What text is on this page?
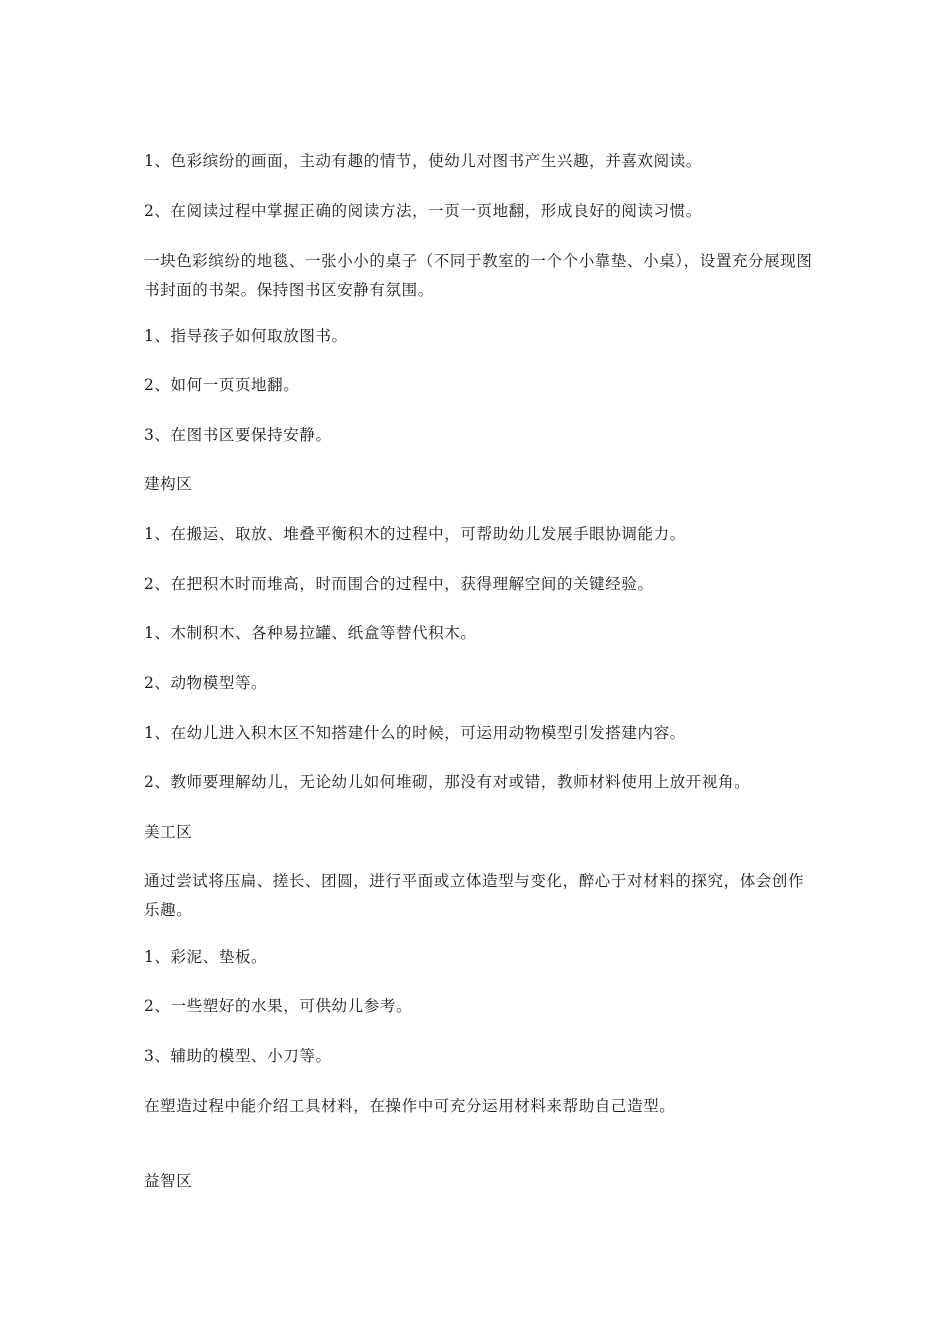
1、色彩缤纷的画面，主动有趣的情节，使幼儿对图书产生兴趣，并喜欢阅读。

2、在阅读过程中掌握正确的阅读方法，一页一页地翻，形成良好的阅读习惯。

一块色彩缤纷的地毯、一张小小的桌子（不同于教室的一个个小靠垫、小桌），设置充分展现图书封面的书架。保持图书区安静有氛围。

1、指导孩子如何取放图书。

2、如何一页页地翻。

3、在图书区要保持安静。

建构区

1、在搬运、取放、堆叠平衡积木的过程中，可帮助幼儿发展手眼协调能力。

2、在把积木时而堆高，时而围合的过程中，获得理解空间的关键经验。

1、木制积木、各种易拉罐、纸盒等替代积木。

2、动物模型等。

1、在幼儿进入积木区不知搭建什么的时候，可运用动物模型引发搭建内容。

2、教师要理解幼儿，无论幼儿如何堆砌，那没有对或错，教师材料使用上放开视角。

美工区

通过尝试将压扁、搓长、团圆，进行平面或立体造型与变化，醉心于对材料的探究，体会创作乐趣。

1、彩泥、垫板。

2、一些塑好的水果，可供幼儿参考。

3、辅助的模型、小刀等。

在塑造过程中能介绍工具材料，在操作中可充分运用材料来帮助自己造型。

益智区
